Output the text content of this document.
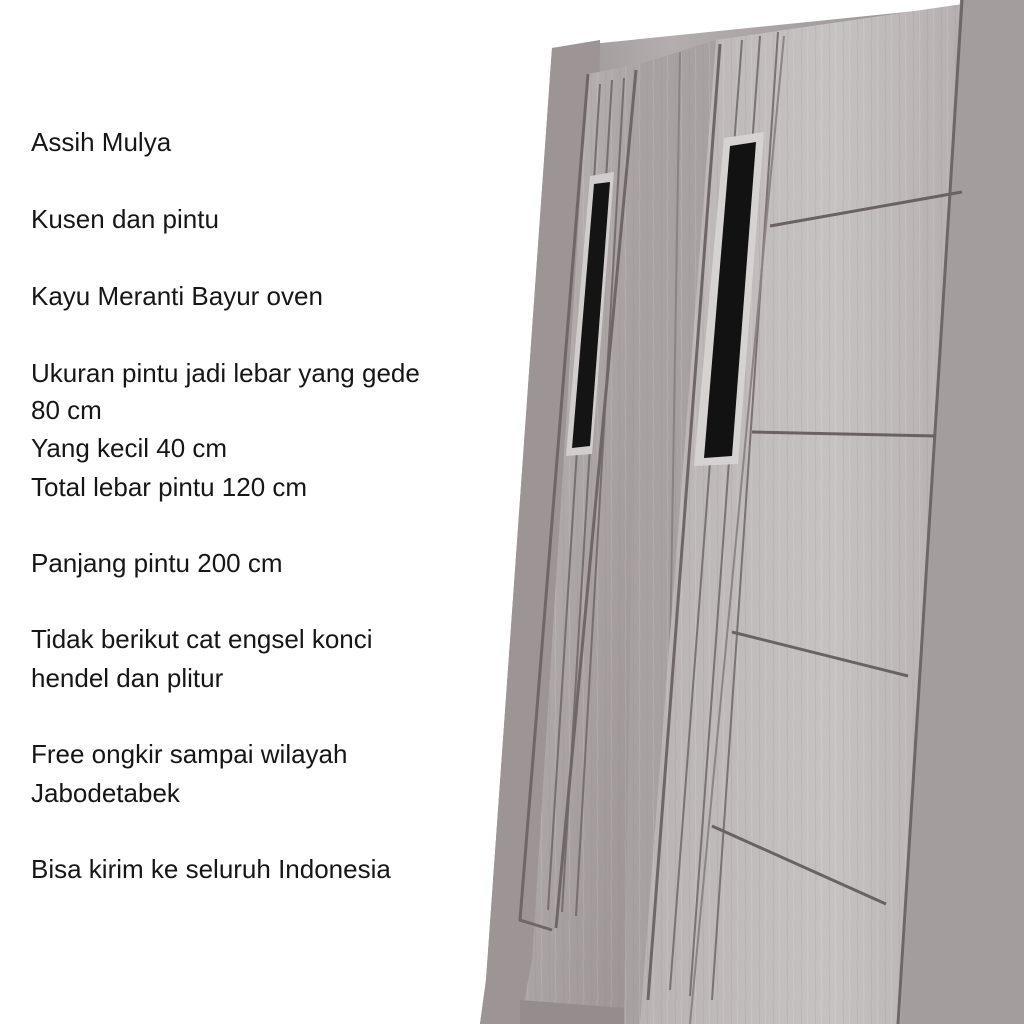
Assih Mulya
Kusen dan pintu
Kayu Meranti Bayur oven
Ukuran pintu jadi lebar yang gede
80 cm
Yang kecil 40 cm
Total lebar pintu 120 cm
Panjang pintu 200 cm
Tidak berikut cat engsel konci
hendel dan plitur
Free ongkir sampai wilayah
Jabodetabek
Bisa kirim ke seluruh Indonesia
